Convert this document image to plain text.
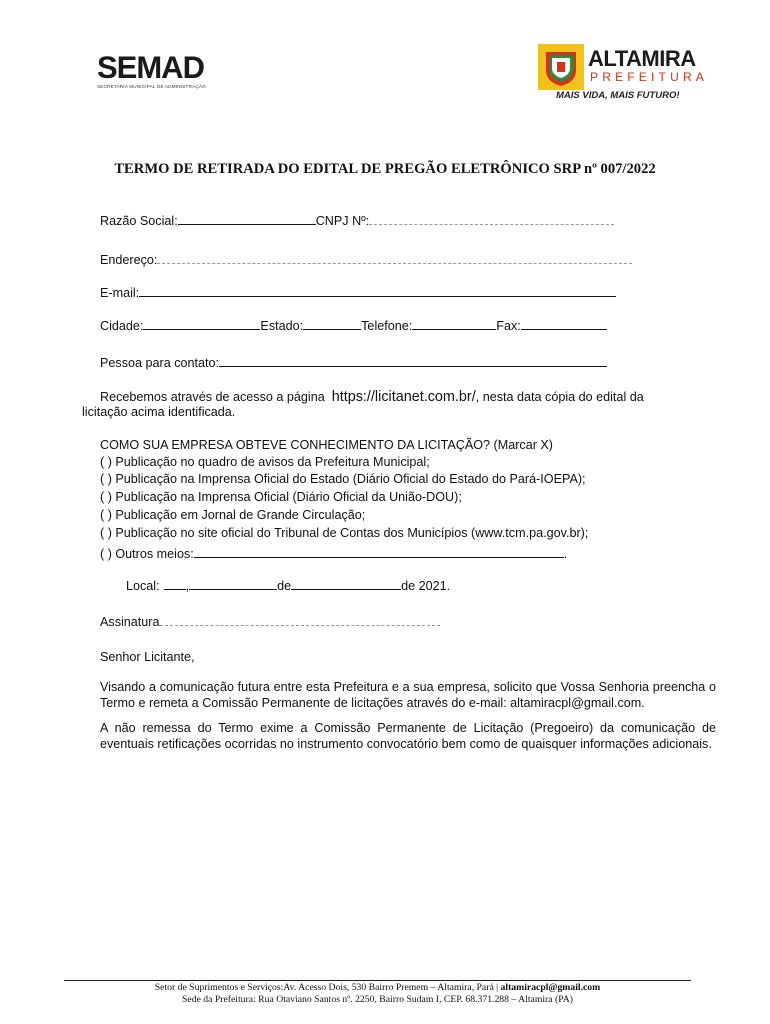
SEMAD
SECRETARIA MUNICIPAL DE ADMINISTRAÇÃO
ALTAMIRA
PREFEITURA
MAIS VIDA, MAIS FUTURO!
TERMO DE RETIRADA DO EDITAL DE PREGÃO ELETRÔNICO SRP nº 007/2022
Razão Social:	CNPJ Nº:
Endereço:
E-mail:
Cidade:	Estado:	Telefone:	Fax:
Pessoa para contato:
Recebemos através de acesso a página https://licitanet.com.br/, nesta data cópia do edital da
licitação acima identificada.
COMO SUA EMPRESA OBTEVE CONHECIMENTO DA LICITAÇÃO? (Marcar X)
( ) Publicação no quadro de avisos da Prefeitura Municipal;
( ) Publicação na Imprensa Oficial do Estado (Diário Oficial do Estado do Pará-IOEPA);
( ) Publicação na Imprensa Oficial (Diário Oficial da União-DOU);
( ) Publicação em Jornal de Grande Circulação;
( ) Publicação no site oficial do Tribunal de Contas dos Municípios (www.tcm.pa.gov.br);
( ) Outros meios:	.
Local: ,	de	de 2021.
Assinatura
Senhor Licitante,
Visando a comunicação futura entre esta Prefeitura e a sua empresa, solicito que Vossa Senhoria preencha o Termo e remeta a Comissão Permanente de licitações através do e-mail: altamiracpl@gmail.com.
A não remessa do Termo exime a Comissão Permanente de Licitação (Pregoeiro) da comunicação de eventuais retificações ocorridas no instrumento convocatório bem como de quaisquer informações adicionais.
Setor de Suprimentos e Serviços:Av. Acesso Dois, 530 Bairro Premem – Altamira, Pará | altamiracpl@gmail.com
Sede da Prefeitura: Rua Otaviano Santos nº. 2250, Bairro Sudam I, CEP. 68.371.288 – Altamira (PA)
